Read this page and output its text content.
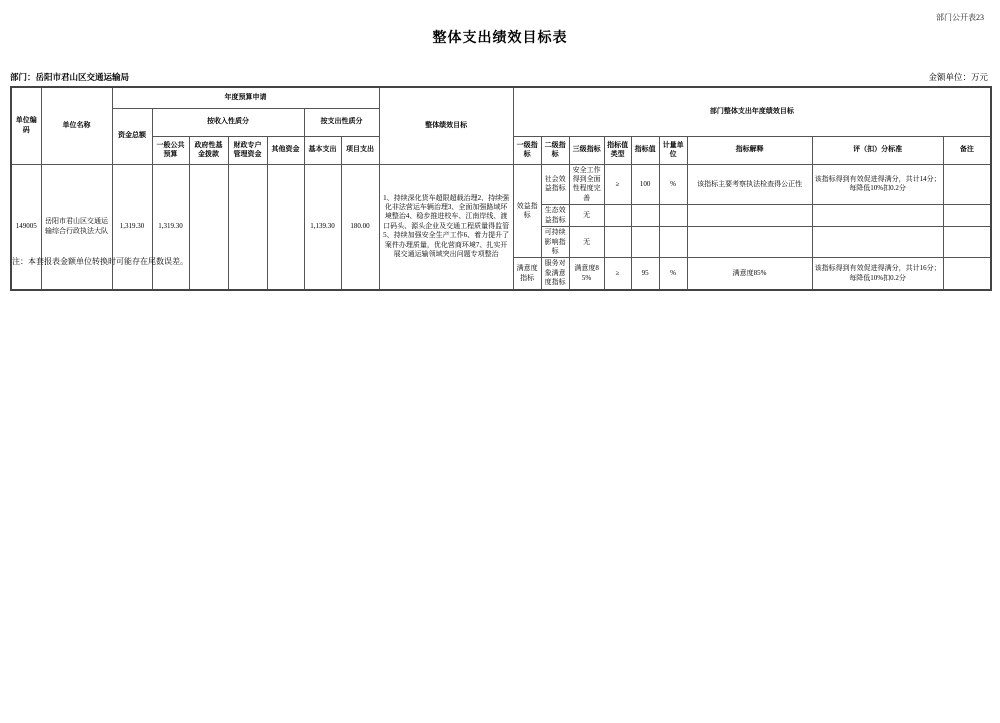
部门公开表23
整体支出绩效目标表
部门：岳阳市君山区交通运输局	金额单位：万元
单位编码	单位名称	年度预算申请							整体绩效目标	部门整体支出年度绩效目标								
		资金总额	按收入性质分				按支出性质分											
			一般公共预算	政府性基金拨款	财政专户管理资金	其他资金	基本支出	项目支出		一级指标	二级指标	三级指标	指标值类型	指标值	计量单位	指标解释	评（扣）分标准	备注
149005	岳阳市君山区交通运输综合行政执法大队	1,319.30	1,319.30				1,139.30	180.00	1、持续深化货车超限超载治理2、持续强化非法营运车辆治理3、全面加强路域环境整治4、稳步推进校车、江南岸线、渡口码头、源头企业及交通工程质量得监管5、持续加强安全生产工作6、着力提升了案件办理质量，优化营商环境7、扎实开展交通运输领域突出问题专项整治	效益指标	社会效益指标	安全工作得到全面性程度完善	≥	100	%	该指标主要考察执法检查得公正性	该指标得到有效促进得满分，共计14分；每降低10%扣0.2分	
											生态效益指标	无						
											可持续影响指标	无						
										满意度指标	服务对象满意度指标	满意度85%	≥	95	%	满意度85%	该指标得到有效促进得满分，共计16分；每降低10%扣0.2分	
注：本套报表金额单位转换时可能存在尾数误差。
